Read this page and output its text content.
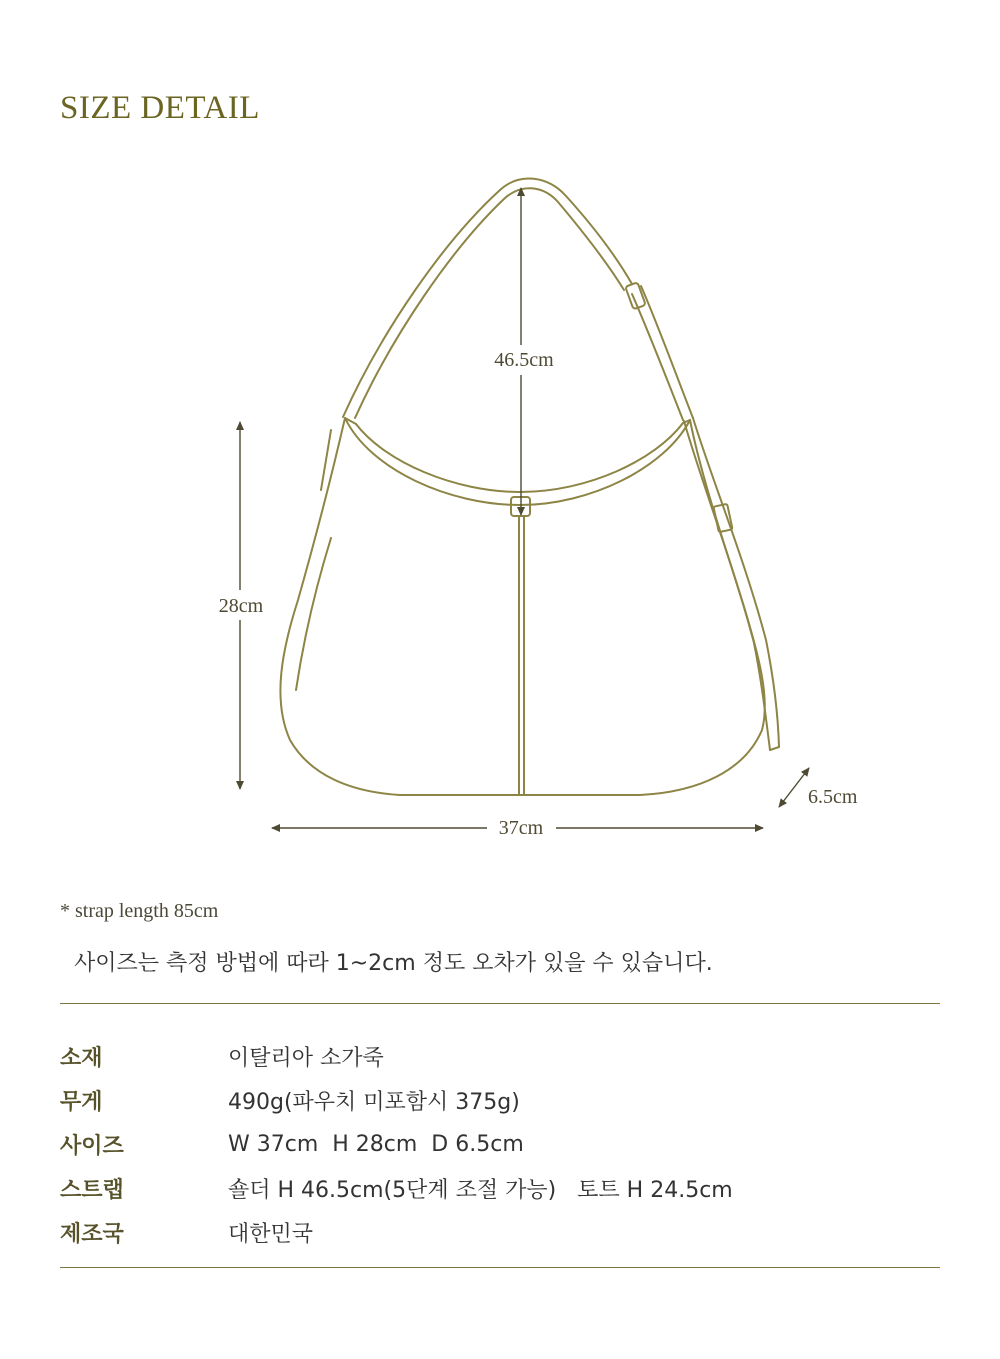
SIZE DETAIL
46.5cm
28cm
37cm
6.5cm
* strap length 85cm
사이즈는 측정 방법에 따라 1~2cm 정도 오차가 있을 수 있습니다.
소재	이탈리아 소가죽
무게	490g(파우치 미포함시 375g)
사이즈	W 37cm  H 28cm  D 6.5cm
스트랩	숄더 H 46.5cm(5단계 조절 가능)   토트 H 24.5cm
제조국	대한민국
